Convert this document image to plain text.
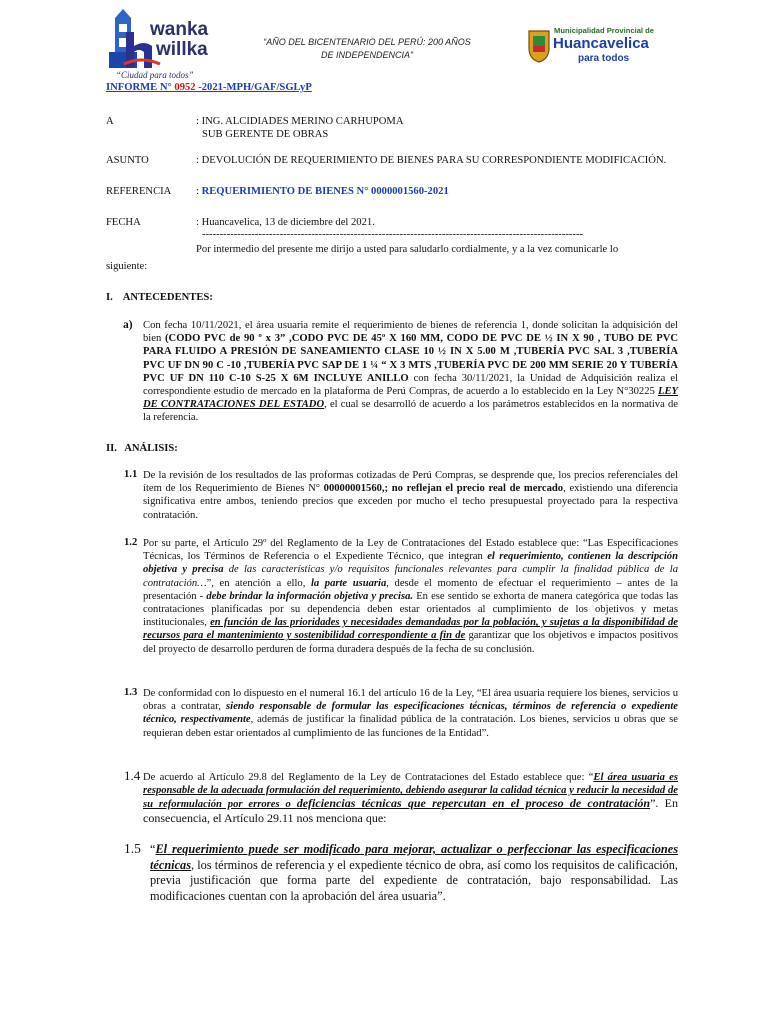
wanka
willka
“Ciudad para todos”
“AÑO DEL BICENTENARIO DEL PERÚ: 200 AÑOS DE INDEPENDENCIA”
Municipalidad Provincial de
Huancavelica
para todos
INFORME N° 0952 -2021-MPH/GAF/SGLyP
A	: ING. ALCIDIADES MERINO CARHUPOMA
SUB GERENTE DE OBRAS
ASUNTO	: DEVOLUCIÓN DE REQUERIMIENTO DE BIENES PARA SU CORRESPONDIENTE MODIFICACIÓN.
REFERENCIA : REQUERIMIENTO DE BIENES N° 0000001560-2021
FECHA	: Huancavelica, 13 de diciembre del 2021.
------------------------------------------------------------------------------------------------------------
Por intermedio del presente me dirijo a usted para saludarlo cordialmente, y a la vez comunicarle lo
siguiente:
I.    ANTECEDENTES:
a) Con fecha 10/11/2021, el área usuaria remite el requerimiento de bienes de referencia 1, donde solicitan la adquisición del bien (CODO PVC de 90 º x 3” ,CODO PVC DE 45º X 160 MM, CODO DE PVC DE ½ IN X 90 , TUBO DE PVC PARA FLUIDO A PRESIÓN DE SANEAMIENTO CLASE 10 ½ IN X 5.00 M ,TUBERÍA PVC SAL 3 ,TUBERÍA PVC UF DN 90 C -10 ,TUBERÍA PVC SAP DE 1 ¼ “ X 3 MTS ,TUBERÍA PVC DE 200 MM SERIE 20 Y TUBERÍA PVC UF DN 110 C-10 S-25 X 6M INCLUYE ANILLO con fecha 30/11/2021, la Unidad de Adquisición realiza el correspondiente estudio de mercado en la plataforma de Perú Compras, de acuerdo a lo establecido en la Ley N°30225 LEY DE CONTRATACIONES DEL ESTADO, el cual se desarrolló de acuerdo a los parámetros establecidos en la normativa de la referencia.
II.   ANÁLISIS:
1.1 De la revisión de los resultados de las proformas cotizadas de Perú Compras, se desprende que, los precios referenciales del ítem de los Requerimiento de Bienes N° 00000001560,; no reflejan el precio real de mercado, existiendo una diferencia significativa entre ambos, teniendo precios que exceden por mucho el techo presupuestal proyectado para la respectiva contratación.
1.2 Por su parte, el Artículo 29º del Reglamento de la Ley de Contrataciones del Estado establece que: “Las Especificaciones Técnicas, los Términos de Referencia o el Expediente Técnico, que integran el requerimiento, contienen la descripción objetiva y precisa de las características y/o requisitos funcionales relevantes para cumplir la finalidad pública de la contratación…”, en atención a ello, la parte usuaria, desde el momento de efectuar el requerimiento – antes de la presentación - debe brindar la información objetiva y precisa. En ese sentido se exhorta de manera categórica que todas las contrataciones planificadas por su dependencia deben estar orientados al cumplimiento de los objetivos y metas institucionales, en función de las prioridades y necesidades demandadas por la población, y sujetas a la disponibilidad de recursos para el mantenimiento y sostenibilidad correspondiente a fin de garantizar que los objetivos e impactos positivos del proyecto de desarrollo perduren de forma duradera después de la fecha de su conclusión.
1.3 De conformidad con lo dispuesto en el numeral 16.1 del artículo 16 de la Ley, “El área usuaria requiere los bienes, servicios u obras a contratar, siendo responsable de formular las especificaciones técnicas, términos de referencia o expediente técnico, respectivamente, además de justificar la finalidad pública de la contratación. Los bienes, servicios u obras que se requieran deben estar orientados al cumplimiento de las funciones de la Entidad”.
1.4 De acuerdo al Artículo 29.8 del Reglamento de la Ley de Contrataciones del Estado establece que: “El área usuaria es responsable de la adecuada formulación del requerimiento, debiendo asegurar la calidad técnica y reducir la necesidad de su reformulación por errores o deficiencias técnicas que repercutan en el proceso de contratación”. En consecuencia, el Artículo 29.11 nos menciona que:
1.5 “El requerimiento puede ser modificado para mejorar, actualizar o perfeccionar las especificaciones técnicas, los términos de referencia y el expediente técnico de obra, así como los requisitos de calificación, previa justificación que forma parte del expediente de contratación, bajo responsabilidad. Las modificaciones cuentan con la aprobación del área usuaria”.
